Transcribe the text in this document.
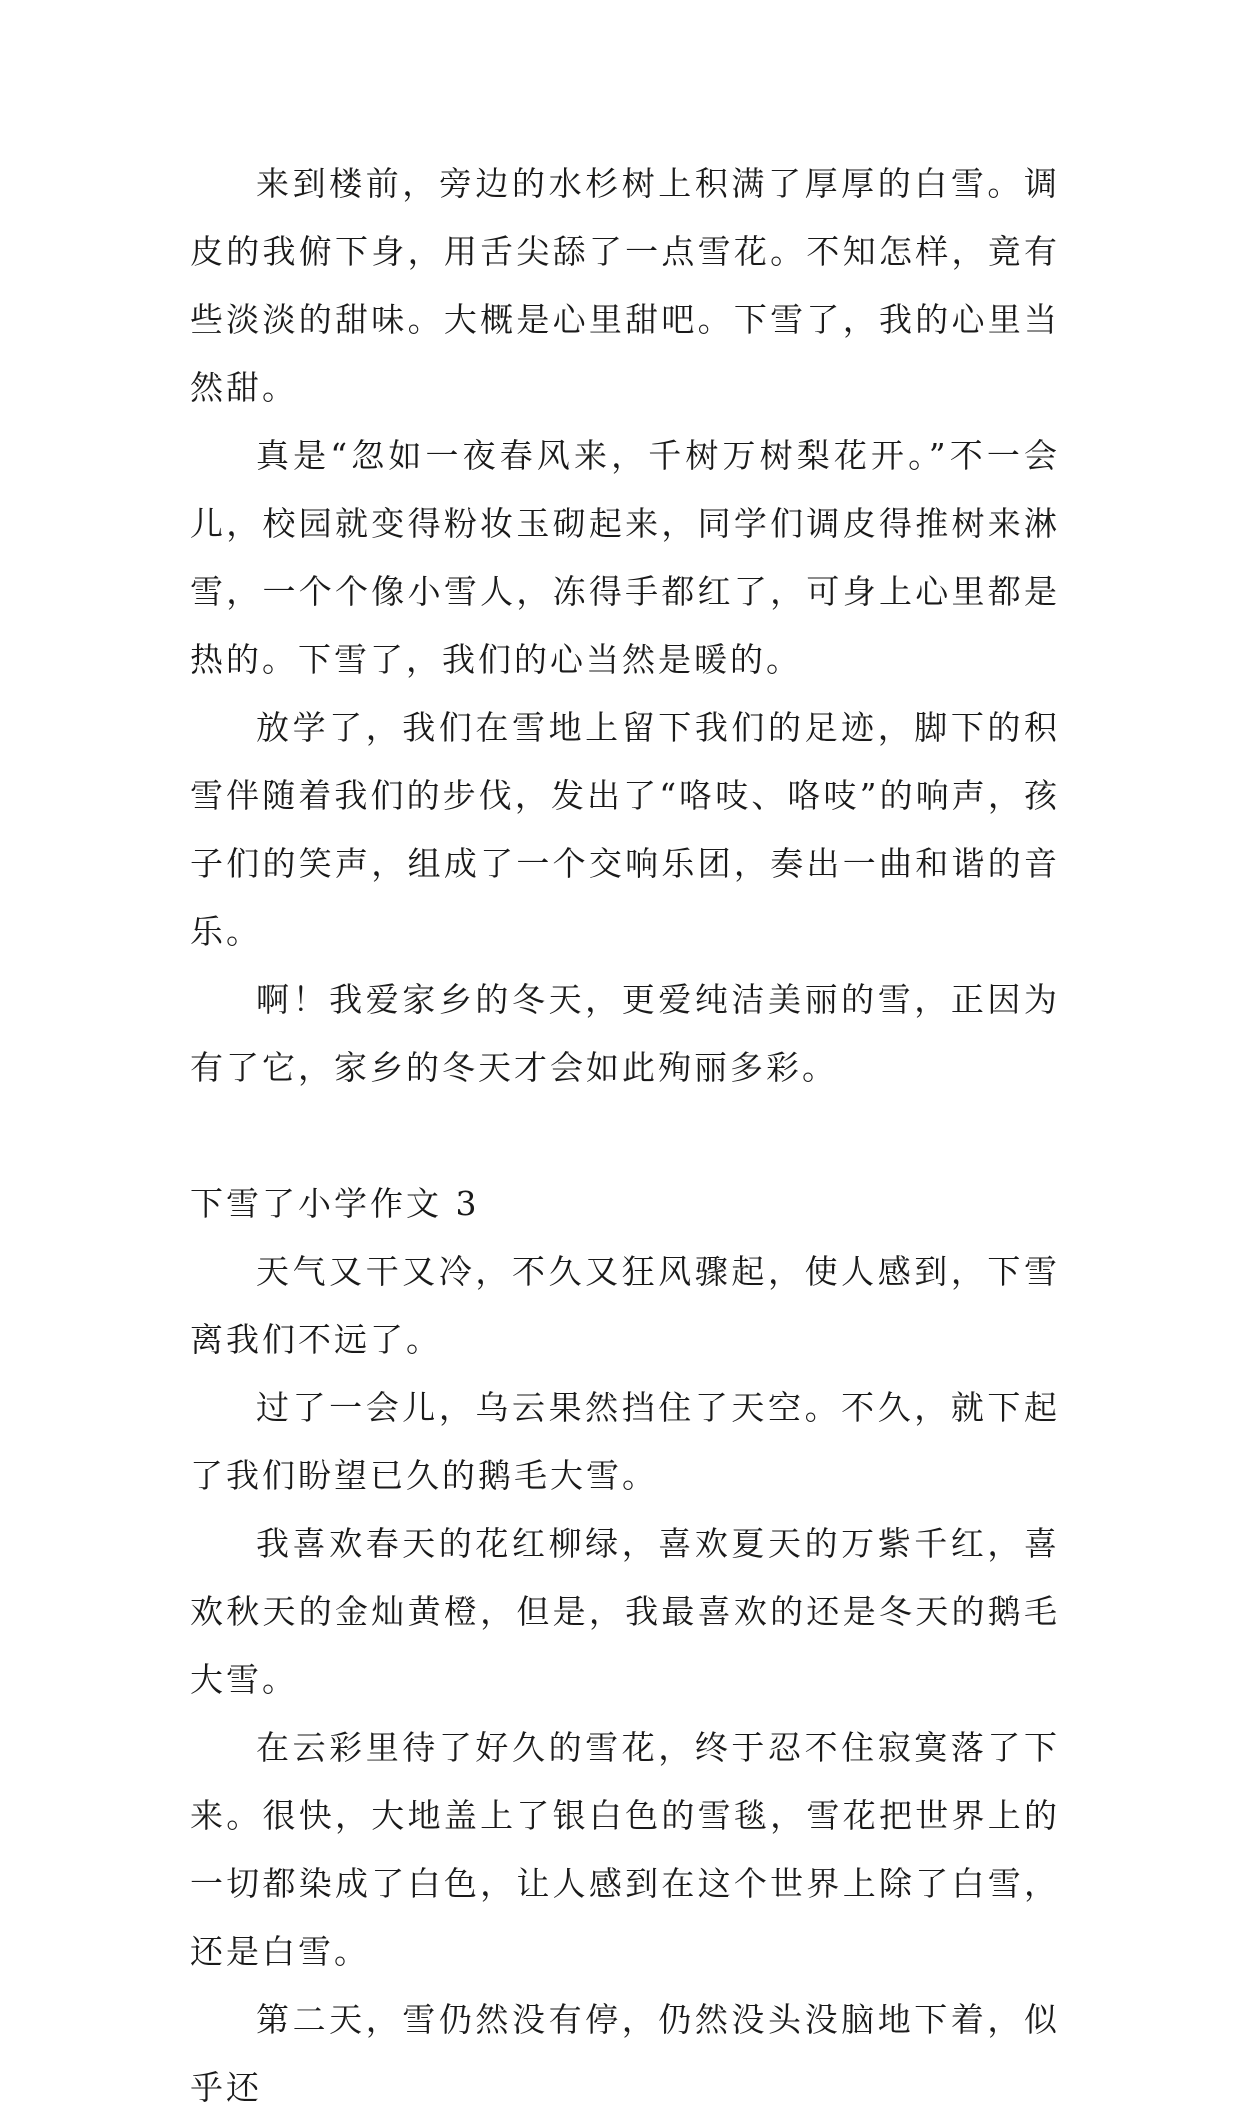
来到楼前，旁边的水杉树上积满了厚厚的白雪。调皮的我俯下身，用舌尖舔了一点雪花。不知怎样，竟有些淡淡的甜味。大概是心里甜吧。下雪了，我的心里当然甜。

真是“忽如一夜春风来，千树万树梨花开。”不一会儿，校园就变得粉妆玉砌起来，同学们调皮得推树来淋雪，一个个像小雪人，冻得手都红了，可身上心里都是热的。下雪了，我们的心当然是暖的。

放学了，我们在雪地上留下我们的足迹，脚下的积雪伴随着我们的步伐，发出了“咯吱、咯吱”的响声，孩子们的笑声，组成了一个交响乐团，奏出一曲和谐的音乐。

啊！我爱家乡的冬天，更爱纯洁美丽的雪，正因为有了它，家乡的冬天才会如此殉丽多彩。

下雪了小学作文 3

天气又干又冷，不久又狂风骤起，使人感到，下雪离我们不远了。

过了一会儿，乌云果然挡住了天空。不久，就下起了我们盼望已久的鹅毛大雪。

我喜欢春天的花红柳绿，喜欢夏天的万紫千红，喜欢秋天的金灿黄橙，但是，我最喜欢的还是冬天的鹅毛大雪。

在云彩里待了好久的雪花，终于忍不住寂寞落了下来。很快，大地盖上了银白色的雪毯，雪花把世界上的一切都染成了白色，让人感到在这个世界上除了白雪，还是白雪。

第二天，雪仍然没有停，仍然没头没脑地下着，似乎还
